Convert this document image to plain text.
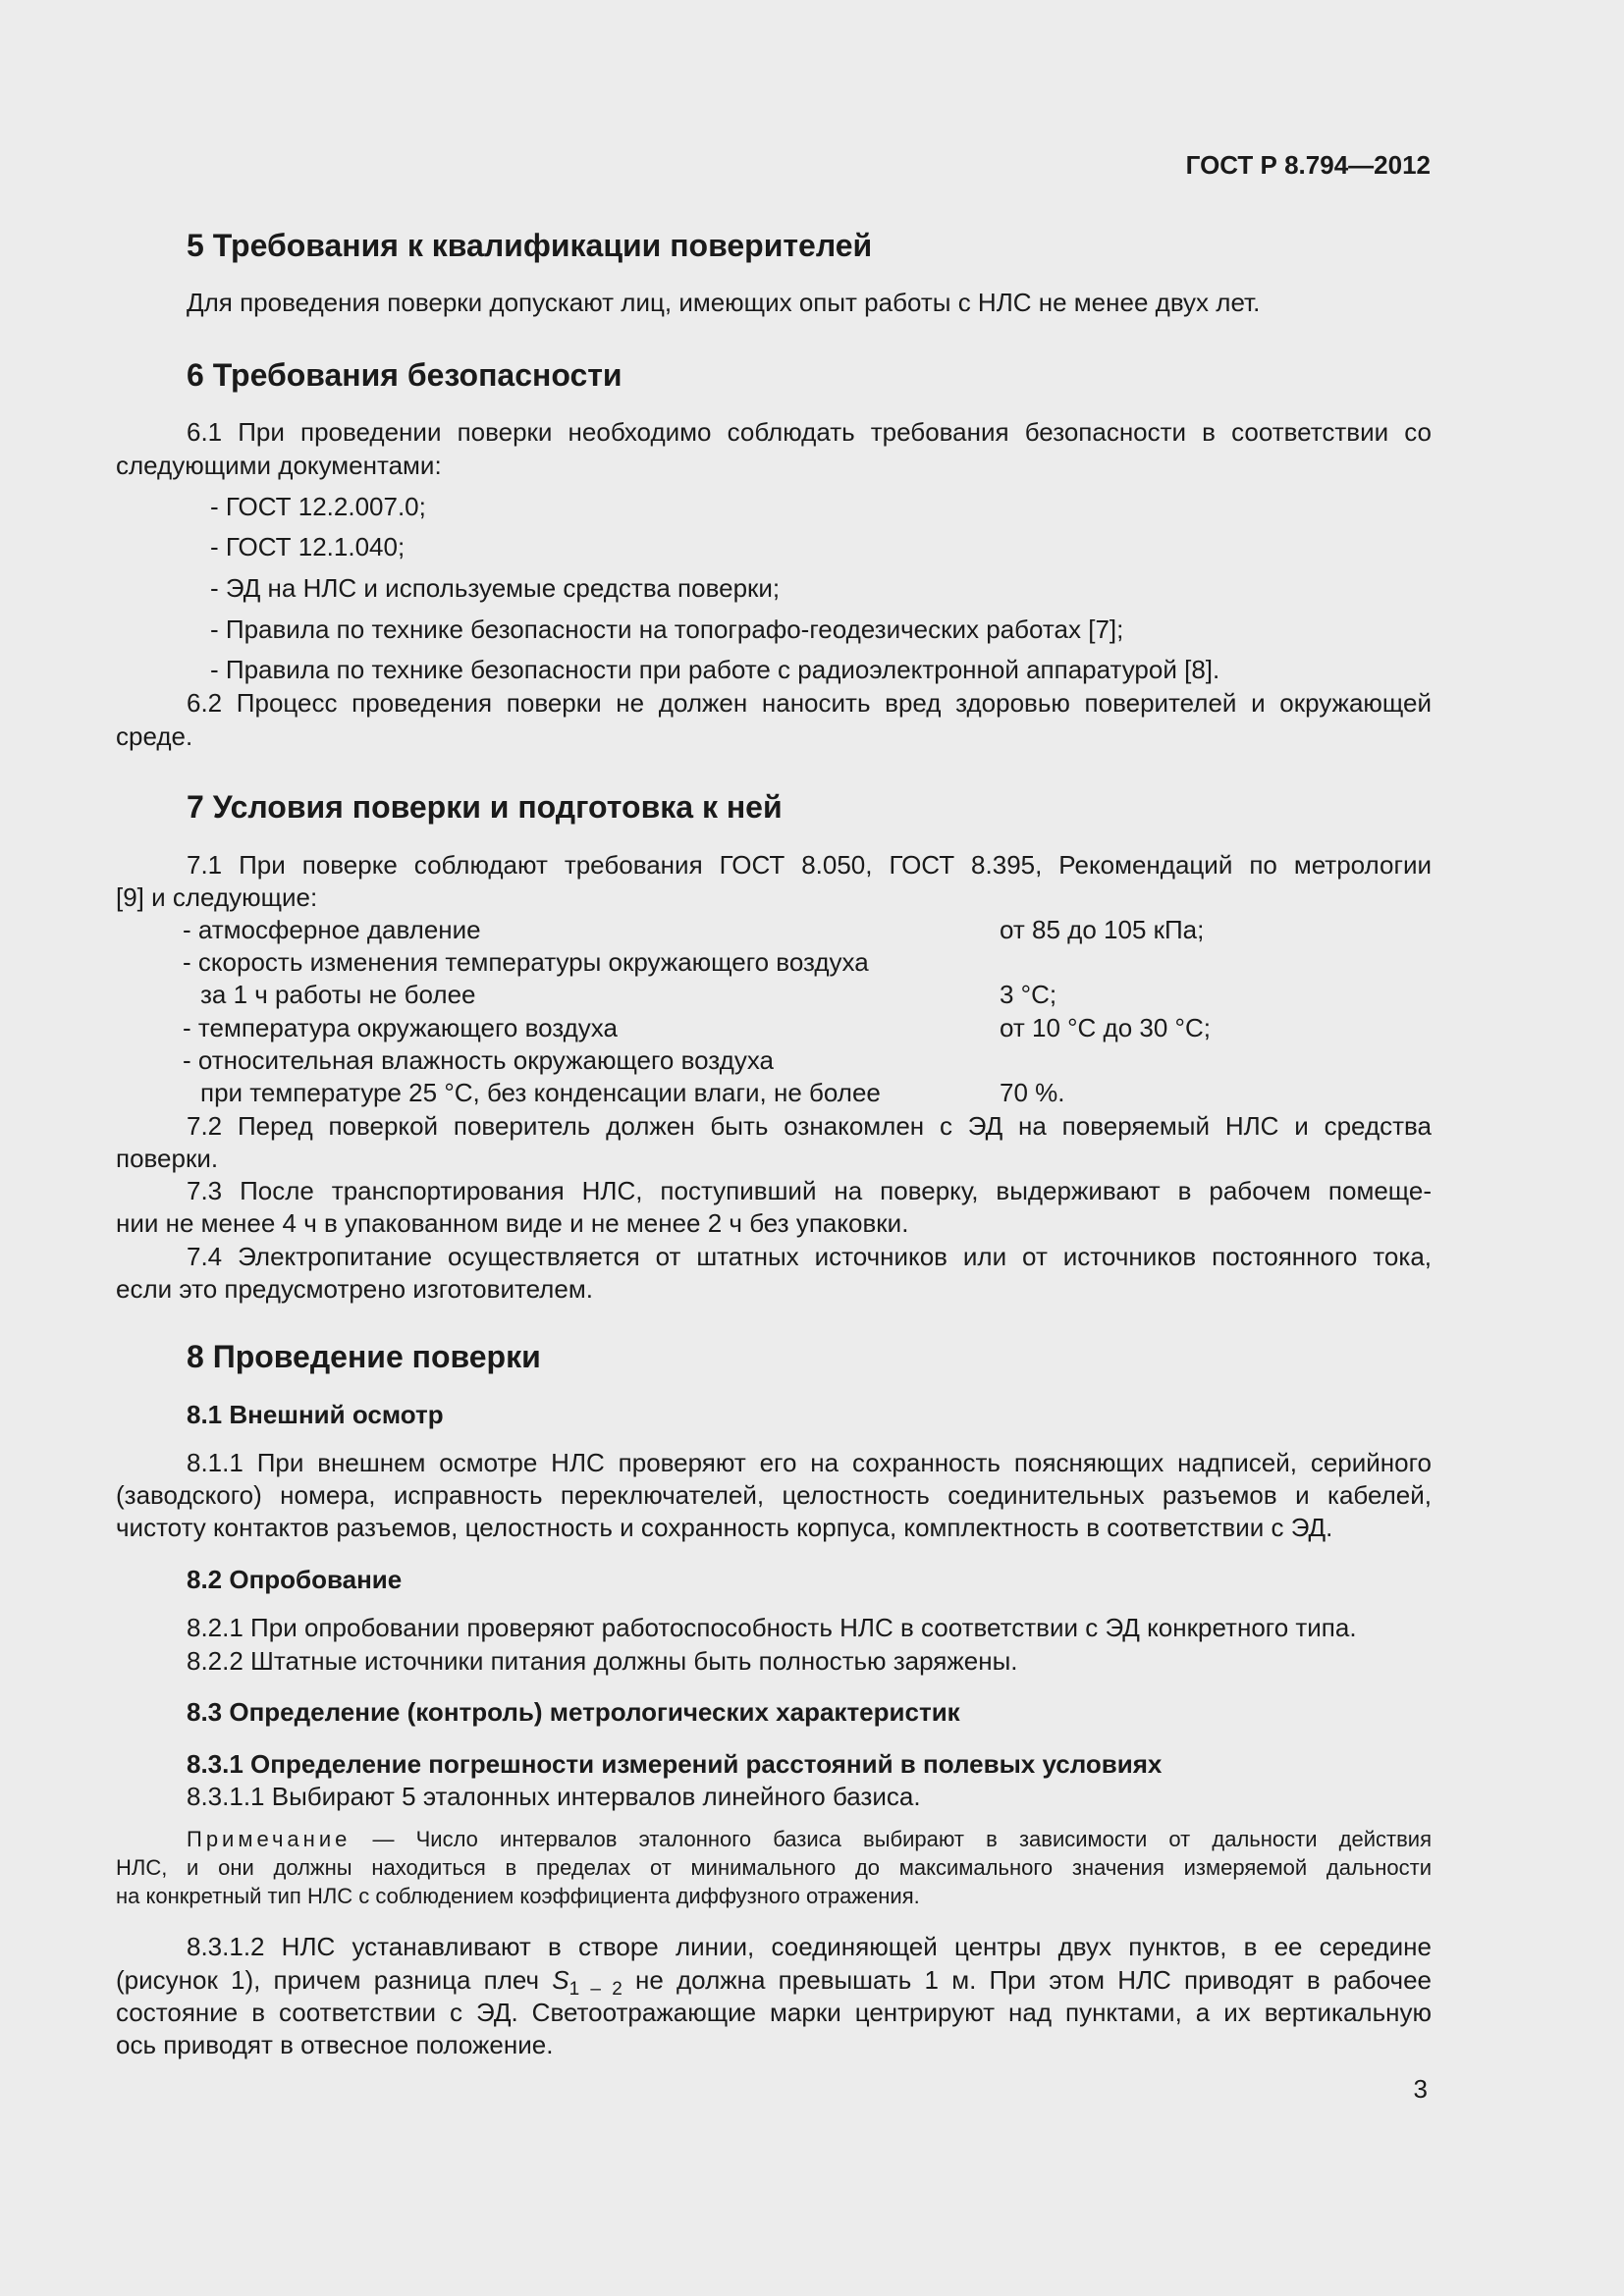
ГОСТ Р 8.794—2012
5 Требования к квалификации поверителей
Для проведения поверки допускают лиц, имеющих опыт работы с НЛС не менее двух лет.
6 Требования безопасности
6.1 При проведении поверки необходимо соблюдать требования безопасности в соответствии со
следующими документами:
- ГОСТ 12.2.007.0;
- ГОСТ 12.1.040;
- ЭД на НЛС и используемые средства поверки;
- Правила по технике безопасности на топографо-геодезических работах [7];
- Правила по технике безопасности при работе с радиоэлектронной аппаратурой [8].
6.2 Процесс проведения поверки не должен наносить вред здоровью поверителей и окружающей
среде.
7 Условия поверки и подготовка к ней
7.1 При поверке соблюдают требования ГОСТ 8.050, ГОСТ 8.395, Рекомендаций по метрологии
[9] и следующие:
- атмосферное давление	от 85 до 105 кПа;
- скорость изменения температуры окружающего воздуха
за 1 ч работы не более	3 °С;
- температура окружающего воздуха	от 10 °С до 30 °С;
- относительная влажность окружающего воздуха
при температуре 25 °С, без конденсации влаги, не более	70 %.
7.2 Перед поверкой поверитель должен быть ознакомлен с ЭД на поверяемый НЛС и средства
поверки.
7.3 После транспортирования НЛС, поступивший на поверку, выдерживают в рабочем помеще-
нии не менее 4 ч в упакованном виде и не менее 2 ч без упаковки.
7.4 Электропитание осуществляется от штатных источников или от источников постоянного тока,
если это предусмотрено изготовителем.
8 Проведение поверки
8.1 Внешний осмотр
8.1.1 При внешнем осмотре НЛС проверяют его на сохранность поясняющих надписей, серийного
(заводского) номера, исправность переключателей, целостность соединительных разъемов и кабелей,
чистоту контактов разъемов, целостность и сохранность корпуса, комплектность в соответствии с ЭД.
8.2 Опробование
8.2.1 При опробовании проверяют работоспособность НЛС в соответствии с ЭД конкретного типа.
8.2.2 Штатные источники питания должны быть полностью заряжены.
8.3 Определение (контроль) метрологических характеристик
8.3.1 Определение погрешности измерений расстояний в полевых условиях
8.3.1.1 Выбирают 5 эталонных интервалов линейного базиса.
Примечание — Число интервалов эталонного базиса выбирают в зависимости от дальности действия
НЛС, и они должны находиться в пределах от минимального до максимального значения измеряемой дальности
на конкретный тип НЛС с соблюдением коэффициента диффузного отражения.
8.3.1.2 НЛС устанавливают в створе линии, соединяющей центры двух пунктов, в ее середине
(рисунок 1), причем разница плеч $S_{1 - 2}$ не должна превышать 1 м. При этом НЛС приводят в рабочее
состояние в соответствии с ЭД. Светоотражающие марки центрируют над пунктами, а их вертикальную
ось приводят в отвесное положение.
3
